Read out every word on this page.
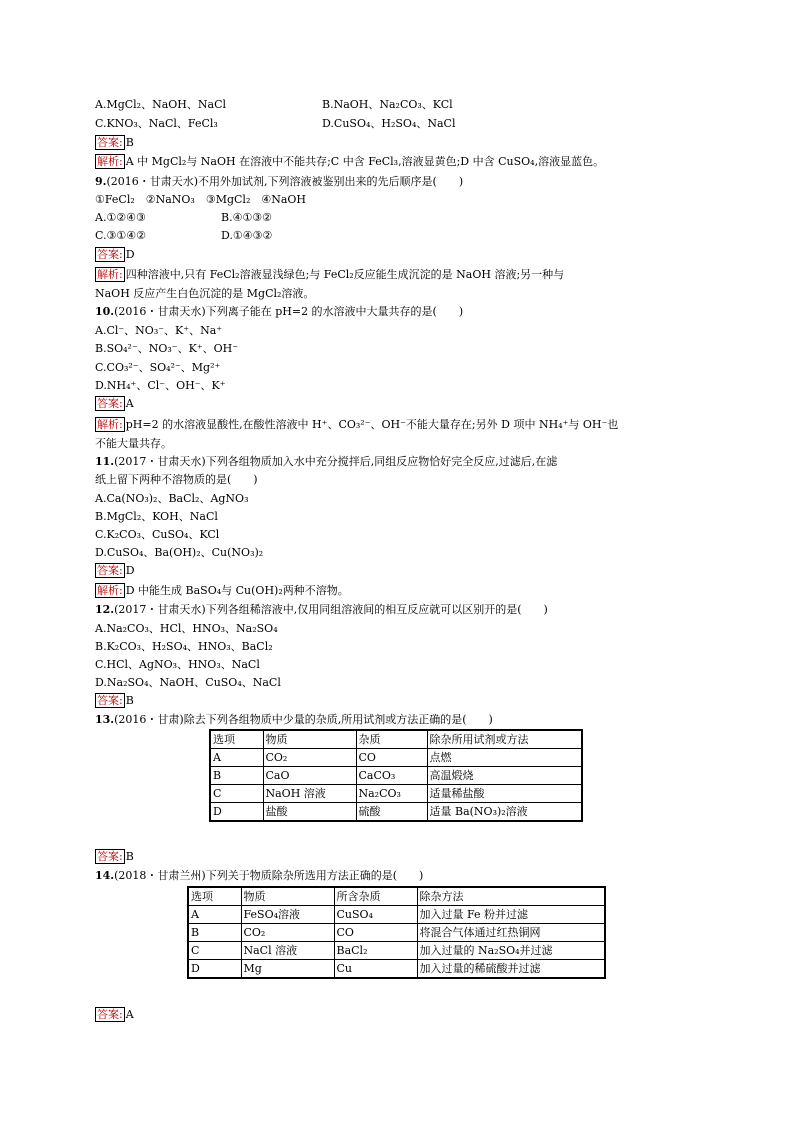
A.MgCl₂、NaOH、NaCl	B.NaOH、Na₂CO₃、KCl
C.KNO₃、NaCl、FeCl₃	D.CuSO₄、H₂SO₄、NaCl
答案: B
解析: A 中 MgCl₂与 NaOH 在溶液中不能共存;C 中含 FeCl₃,溶液显黄色;D 中含 CuSO₄,溶液显蓝色。
9.(2016・甘肃天水)不用外加试剂,下列溶液被鉴别出来的先后顺序是(　　)
①FeCl₂　②NaNO₃　③MgCl₂　④NaOH
A.①②④③	B.④①③②
C.③①④②	D.①④③②
答案: D
解析: 四种溶液中,只有 FeCl₂溶液显浅绿色;与 FeCl₂反应能生成沉淀的是 NaOH 溶液;另一种与
NaOH 反应产生白色沉淀的是 MgCl₂溶液。
10.(2016・甘肃天水)下列离子能在 pH=2 的水溶液中大量共存的是(　　)
A.Cl⁻、NO₃⁻、K⁺、Na⁺
B.SO₄²⁻、NO₃⁻、K⁺、OH⁻
C.CO₃²⁻、SO₄²⁻、Mg²⁺
D.NH₄⁺、Cl⁻、OH⁻、K⁺
答案: A
解析: pH=2 的水溶液显酸性,在酸性溶液中 H⁺、CO₃²⁻、OH⁻不能大量存在;另外 D 项中 NH₄⁺与 OH⁻也
不能大量共存。
11.(2017・甘肃天水)下列各组物质加入水中充分搅拌后,同组反应物恰好完全反应,过滤后,在滤
纸上留下两种不溶物质的是(　　)
A.Ca(NO₃)₂、BaCl₂、AgNO₃
B.MgCl₂、KOH、NaCl
C.K₂CO₃、CuSO₄、KCl
D.CuSO₄、Ba(OH)₂、Cu(NO₃)₂
答案: D
解析: D 中能生成 BaSO₄与 Cu(OH)₂两种不溶物。
12.(2017・甘肃天水)下列各组稀溶液中,仅用同组溶液间的相互反应就可以区别开的是(　　)
A.Na₂CO₃、HCl、HNO₃、Na₂SO₄
B.K₂CO₃、H₂SO₄、HNO₃、BaCl₂
C.HCl、AgNO₃、HNO₃、NaCl
D.Na₂SO₄、NaOH、CuSO₄、NaCl
答案: B
13.(2016・甘肃)除去下列各组物质中少量的杂质,所用试剂或方法正确的是(　　)
选项	物质	杂质	除杂所用试剂或方法
A	CO₂	CO	点燃
B	CaO	CaCO₃	高温煅烧
C	NaOH 溶液	Na₂CO₃	适量稀盐酸
D	盐酸	硫酸	适量 Ba(NO₃)₂溶液
答案: B
14.(2018・甘肃兰州)下列关于物质除杂所选用方法正确的是(　　)
选项	物质	所含杂质	除杂方法
A	FeSO₄溶液	CuSO₄	加入过量 Fe 粉并过滤
B	CO₂	CO	将混合气体通过红热铜网
C	NaCl 溶液	BaCl₂	加入过量的 Na₂SO₄并过滤
D	Mg	Cu	加入过量的稀硫酸并过滤
答案: A
